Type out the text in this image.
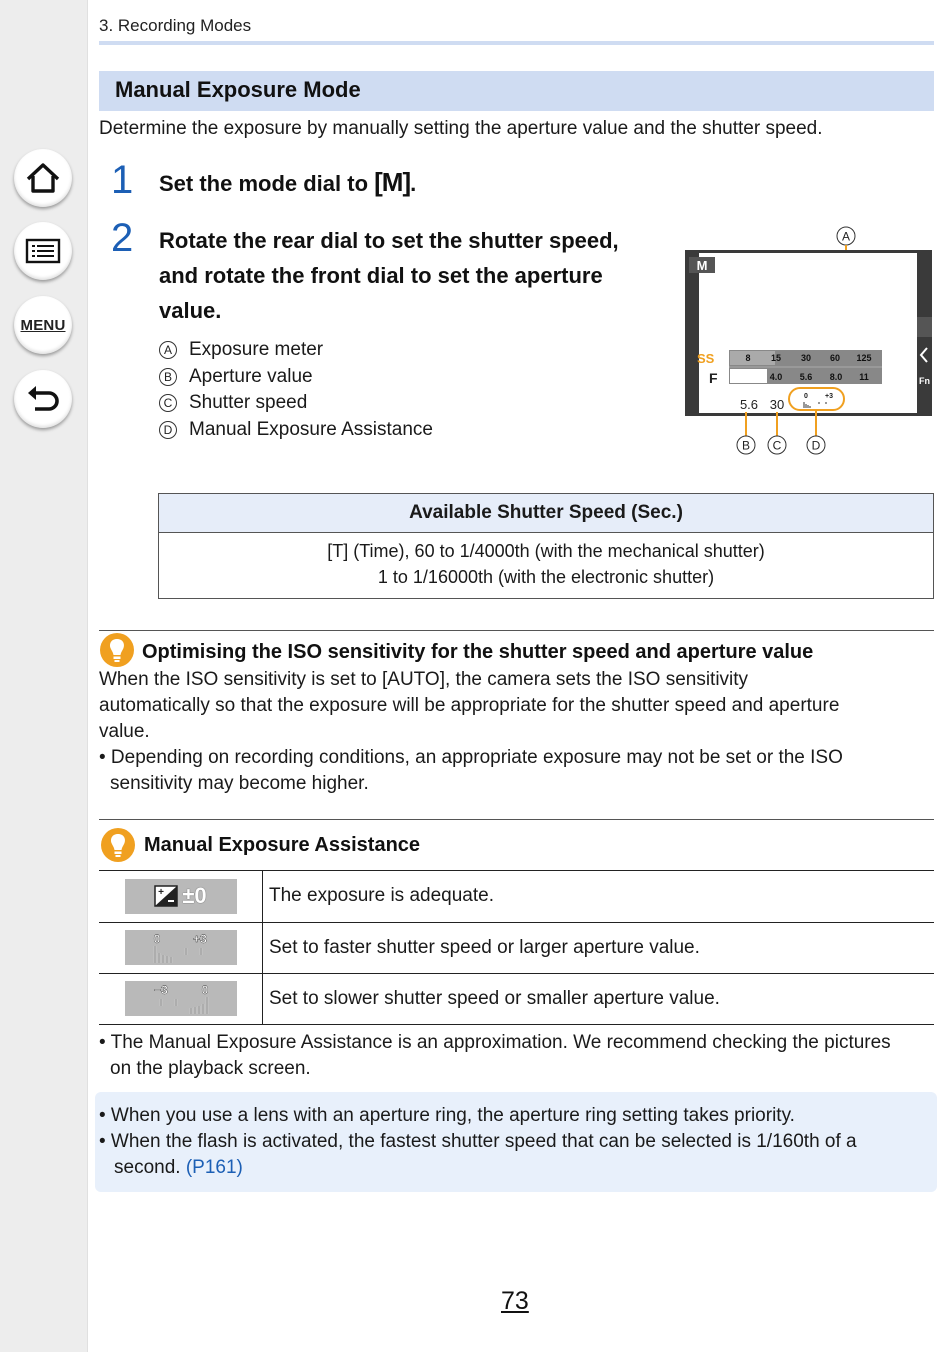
MENU
3. Recording Modes
Manual Exposure Mode
Determine the exposure by manually setting the aperture value and the shutter speed.
1 Set the mode dial to [M].
2 Rotate the rear dial to set the shutter speed,
and rotate the front dial to set the aperture
value.
A Exposure meter
B Aperture value
C Shutter speed
D Manual Exposure Assistance
A
Fn
M
SS
F
8 15 30 60 125
4.0 5.6 8.0 11
5.6 30
0 +3
B C	D
Available Shutter Speed (Sec.)
[T] (Time), 60 to 1/4000th (with the mechanical shutter)
1 to 1/16000th (with the electronic shutter)
Optimising the ISO sensitivity for the shutter speed and aperture value
When the ISO sensitivity is set to [AUTO], the camera sets the ISO sensitivity
automatically so that the exposure will be appropriate for the shutter speed and aperture
value.
• Depending on recording conditions, an appropriate exposure may not be set or the ISO
sensitivity may become higher.
Manual Exposure Assistance
+ ±0	The exposure is adequate.
0	+3	Set to faster shutter speed or larger aperture value.
−3	0	Set to slower shutter speed or smaller aperture value.
• The Manual Exposure Assistance is an approximation. We recommend checking the pictures
on the playback screen.
• When you use a lens with an aperture ring, the aperture ring setting takes priority.
• When the flash is activated, the fastest shutter speed that can be selected is 1/160th of a
second. (P161)
73
